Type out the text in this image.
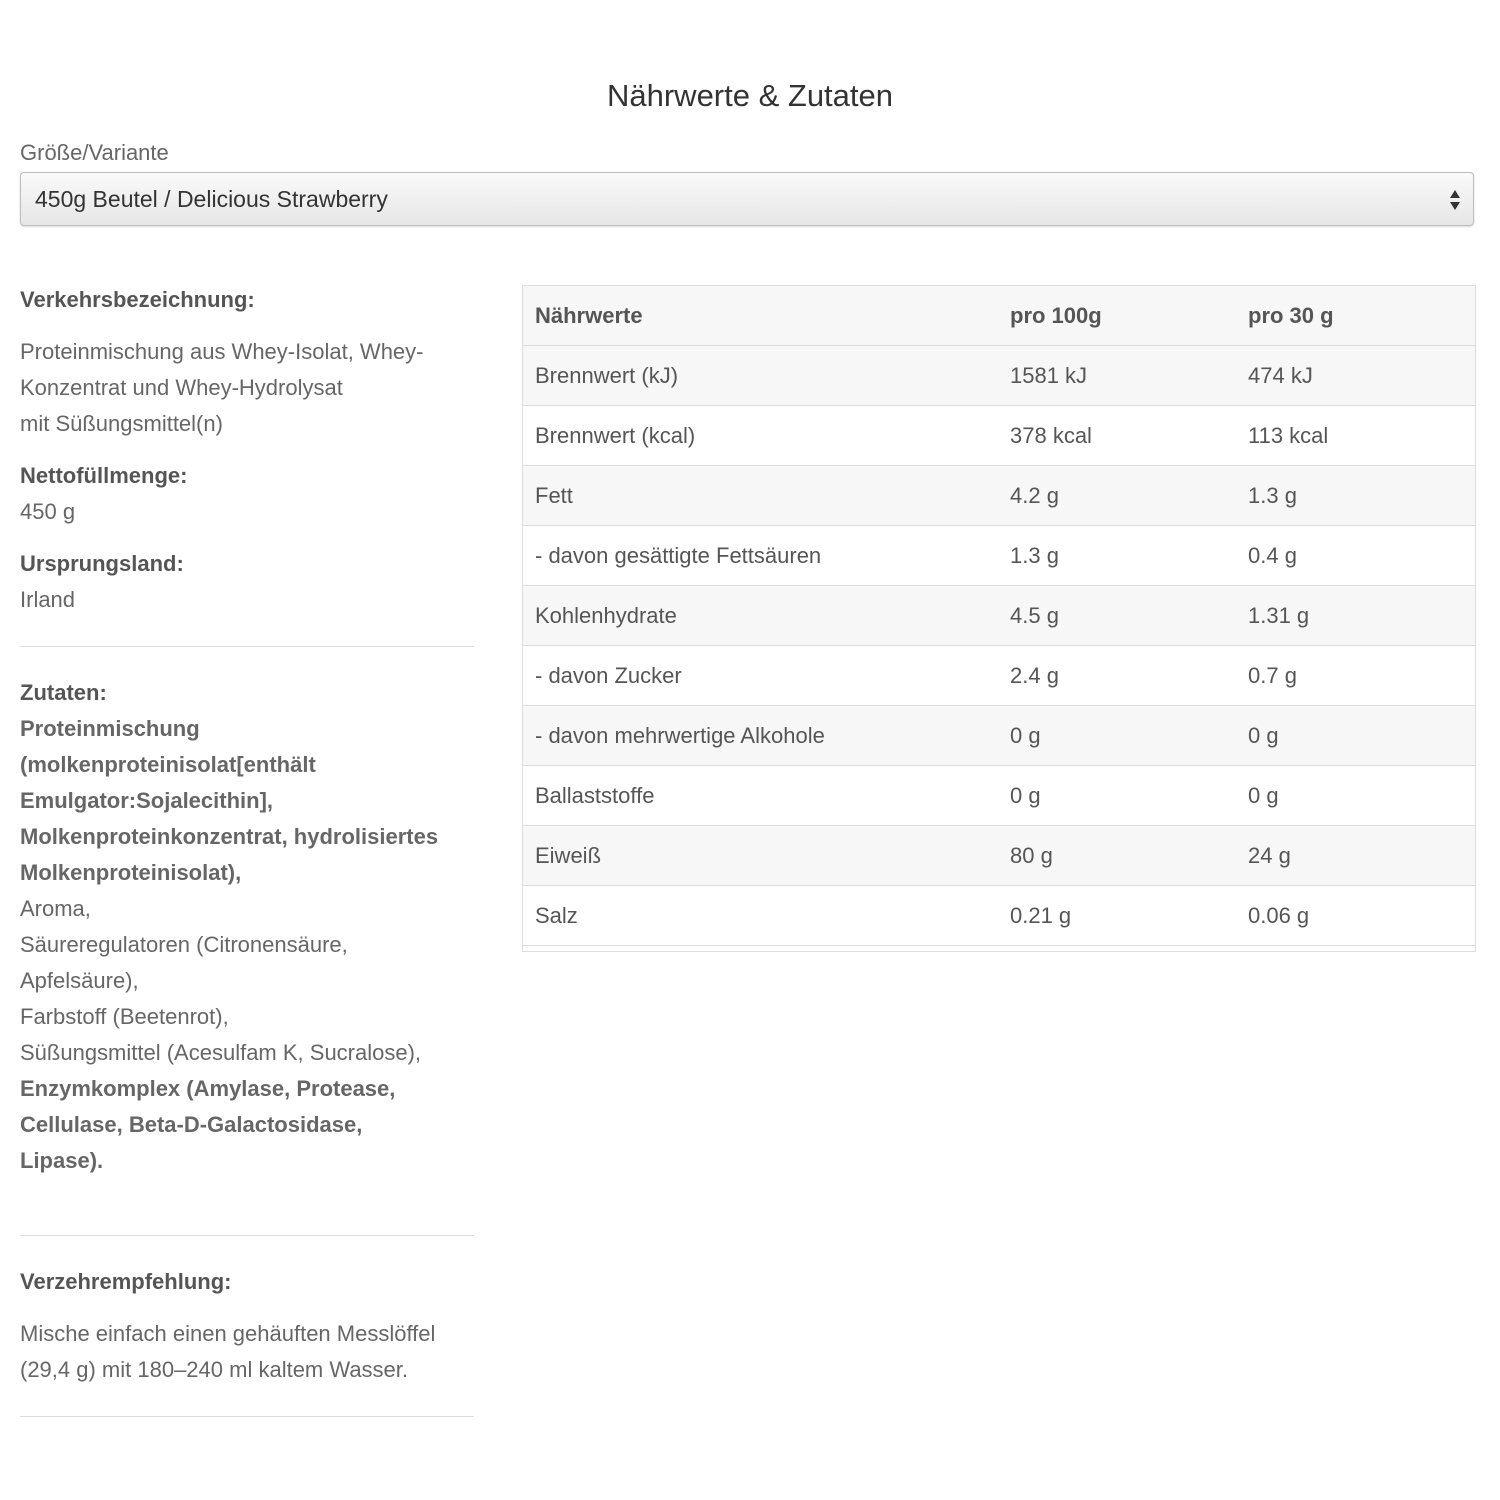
Nährwerte & Zutaten
Größe/Variante
450g Beutel / Delicious Strawberry
Verkehrsbezeichnung:
Proteinmischung aus Whey-Isolat, Whey-
Konzentrat und Whey-Hydrolysat
mit Süßungsmittel(n)
Nettofüllmenge:
450 g
Ursprungsland:
Irland
Zutaten:
Proteinmischung
(molkenproteinisolat[enthält
Emulgator:Sojalecithin],
Molkenproteinkonzentrat, hydrolisiertes
Molkenproteinisolat),
Aroma,
Säureregulatoren (Citronensäure,
Apfelsäure),
Farbstoff (Beetenrot),
Süßungsmittel (Acesulfam K, Sucralose),
Enzymkomplex (Amylase, Protease,
Cellulase, Beta-D-Galactosidase,
Lipase).
Verzehrempfehlung:
Mische einfach einen gehäuften Messlöffel
(29,4 g) mit 180–240 ml kaltem Wasser.
Nährwerte	pro 100g	pro 30 g
Brennwert (kJ)	1581 kJ	474 kJ
Brennwert (kcal)	378 kcal	113 kcal
Fett	4.2 g	1.3 g
- davon gesättigte Fettsäuren	1.3 g	0.4 g
Kohlenhydrate	4.5 g	1.31 g
- davon Zucker	2.4 g	0.7 g
- davon mehrwertige Alkohole	0 g	0 g
Ballaststoffe	0 g	0 g
Eiweiß	80 g	24 g
Salz	0.21 g	0.06 g
